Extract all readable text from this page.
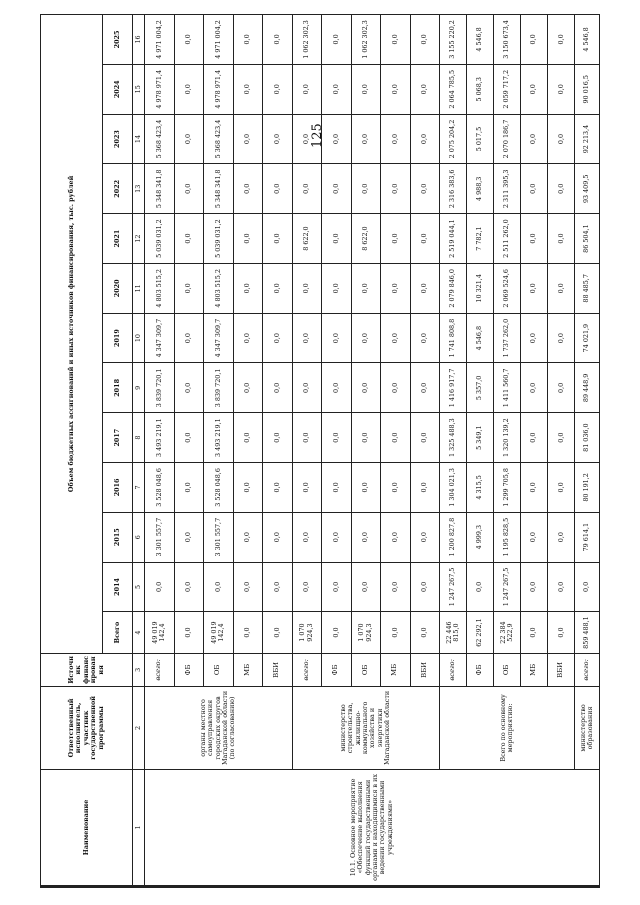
125
Наименование	Ответственный исполнитель, участник государственной программы	Источник финансирования	Объем бюджетных ассигнований и иных источников финансирования, тыс. рублей												
			Всего	2014	2015	2016	2017	2018	2019	2020	2021	2022	2023	2024	2025
1	2	3	4	5	6	7	8	9	10	11	12	13	14	15	16
10.1. Основное мероприятие «Обеспечение выполнения функций государственными органами и находящимися в их ведении государственными учреждениями»	органы местного самоуправления городских округов Магаданской области (по согласованию)	всего:	49 019 142,4	0,0	3 301 557,7	3 528 048,6	3 493 219,1	3 839 720,1	4 347 309,7	4 803 515,2	5 039 031,2	5 348 341,8	5 368 423,4	4 978 971,4	4 971 004,2
		ФБ	0,0	0,0	0,0	0,0	0,0	0,0	0,0	0,0	0,0	0,0	0,0	0,0	0,0
		ОБ	49 019 142,4	0,0	3 301 557,7	3 528 048,6	3 493 219,1	3 839 720,1	4 347 309,7	4 803 515,2	5 039 031,2	5 348 341,8	5 368 423,4	4 978 971,4	4 971 004,2
		МБ	0,0	0,0	0,0	0,0	0,0	0,0	0,0	0,0	0,0	0,0	0,0	0,0	0,0
		ВБИ	0,0	0,0	0,0	0,0	0,0	0,0	0,0	0,0	0,0	0,0	0,0	0,0	0,0
	министерство строительства, жилищно-коммунального хозяйства и энергетики Магаданской области	всего:	1 070 924,3	0,0	0,0	0,0	0,0	0,0	0,0	0,0	8 622,0	0,0	0,0	0,0	1 062 302,3
		ФБ	0,0	0,0	0,0	0,0	0,0	0,0	0,0	0,0	0,0	0,0	0,0	0,0	0,0
		ОБ	1 070 924,3	0,0	0,0	0,0	0,0	0,0	0,0	0,0	8 622,0	0,0	0,0	0,0	1 062 302,3
		МБ	0,0	0,0	0,0	0,0	0,0	0,0	0,0	0,0	0,0	0,0	0,0	0,0	0,0
		ВБИ	0,0	0,0	0,0	0,0	0,0	0,0	0,0	0,0	0,0	0,0	0,0	0,0	0,0
	Всего по основному мероприятию:	всего:	22 446 815,0	1 247 267,5	1 200 827,8	1 304 021,3	1 325 488,3	1 416 917,7	1 741 808,8	2 079 846,0	2 519 044,1	2 316 383,6	2 075 204,2	2 064 785,5	3 155 220,2
		ФБ	62 292,1	0,0	4 999,3	4 315,5	5 349,1	5 357,0	4 546,8	10 321,4	7 782,1	4 988,3	5 017,5	5 068,3	4 546,8
		ОБ	22 384 522,9	1 247 267,5	1 195 828,5	1 299 705,8	1 320 139,2	1 411 560,7	1 737 262,0	2 069 524,6	2 511 262,0	2 311 395,3	2 070 186,7	2 059 717,2	3 150 673,4
		МБ	0,0	0,0	0,0	0,0	0,0	0,0	0,0	0,0	0,0	0,0	0,0	0,0	0,0
		ВБИ	0,0	0,0	0,0	0,0	0,0	0,0	0,0	0,0	0,0	0,0	0,0	0,0	0,0
	министерство образования	всего:	859 488,1	0,0	79 614,1	80 191,2	81 036,0	89 448,9	74 021,9	88 485,7	86 504,1	93 409,5	92 213,4	90 016,5	4 546,8
